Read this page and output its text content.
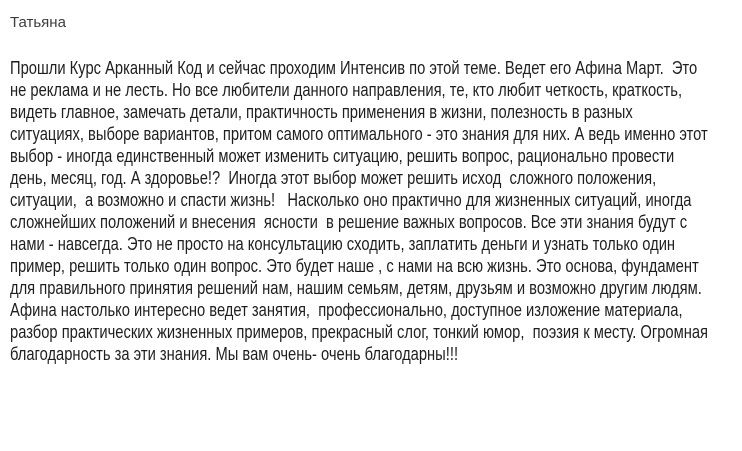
Татьяна

Прошли Курс Арканный Код и сейчас проходим Интенсив по этой теме. Ведет его Афина Март.  Это не реклама и не лесть. Но все любители данного направления, те, кто любит четкость, краткость,  видеть главное, замечать детали, практичность применения в жизни, полезность в разных ситуациях, выборе вариантов, притом самого оптимального - это знания для них. А ведь именно этот выбор - иногда единственный может изменить ситуацию, решить вопрос, рационально провести день, месяц, год. А здоровье!?  Иногда этот выбор может решить исход  сложного положения, ситуации,  а возможно и спасти жизнь!   Насколько оно практично для жизненных ситуаций, иногда сложнейших положений и внесения  ясности  в решение важных вопросов. Все эти знания будут с нами - навсегда. Это не просто на консультацию сходить, заплатить деньги и узнать только один пример, решить только один вопрос. Это будет наше , с нами на всю жизнь. Это основа, фундамент для правильного принятия решений нам, нашим семьям, детям, друзьям и возможно другим людям.  Афина настолько интересно ведет занятия,  профессионально, доступное изложение материала, разбор практических жизненных примеров, прекрасный слог, тонкий юмор,  поэзия к месту. Огромная благодарность за эти знания. Мы вам очень- очень благодарны!!!
